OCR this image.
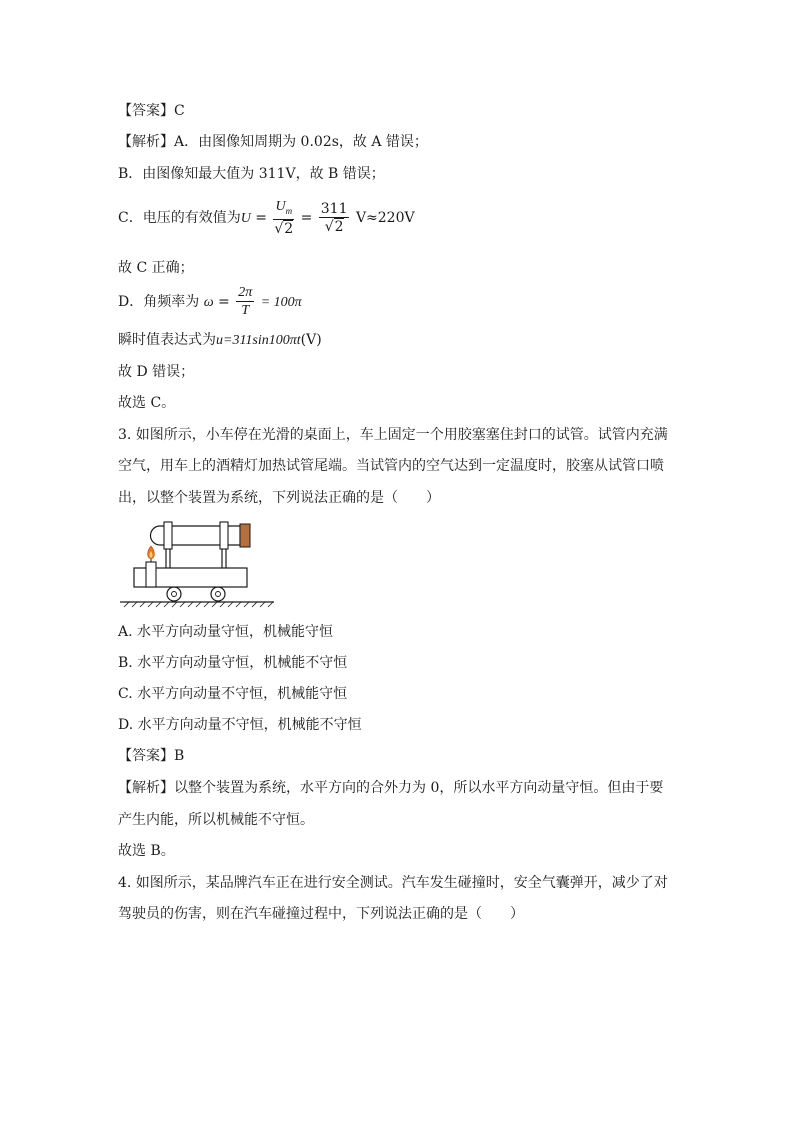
【答案】C
【解析】A．由图像知周期为 0.02s，故 A 错误；
B．由图像知最大值为 311V，故 B 错误；
C．电压的有效值为$U = \frac{U_m}{√2} = \frac{311}{√2} V\approx 220V$
故 C 正确；
D．角频率为 $\omega = \frac{2\pi}{T} = 100\pi$
瞬时值表达式为u=311sin100πt(V)
故 D 错误；
故选 C。
3. 如图所示，小车停在光滑的桌面上，车上固定一个用胶塞塞住封口的试管。试管内充满
空气，用车上的酒精灯加热试管尾端。当试管内的空气达到一定温度时，胶塞从试管口喷
出，以整个装置为系统，下列说法正确的是（　　）
A. 水平方向动量守恒，机械能守恒
B. 水平方向动量守恒，机械能不守恒
C. 水平方向动量不守恒，机械能守恒
D. 水平方向动量不守恒，机械能不守恒
【答案】B
【解析】以整个装置为系统，水平方向的合外力为 0，所以水平方向动量守恒。但由于要
产生内能，所以机械能不守恒。
故选 B。
4. 如图所示，某品牌汽车正在进行安全测试。汽车发生碰撞时，安全气囊弹开，减少了对
驾驶员的伤害，则在汽车碰撞过程中，下列说法正确的是（　　）
